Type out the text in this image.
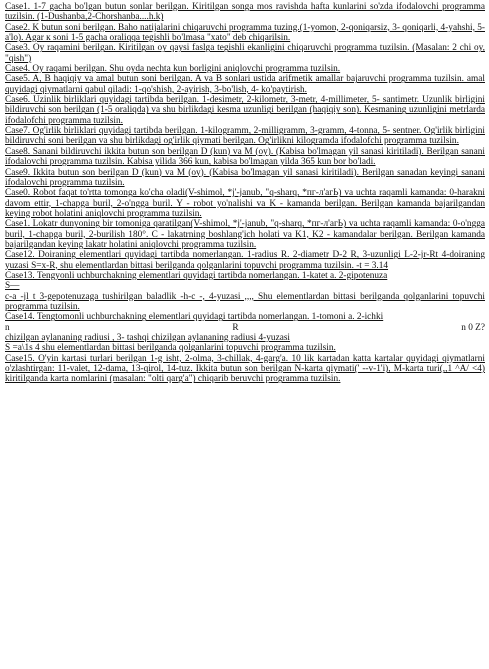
Case1. 1-7 gacha bo'lgan butun sonlar berilgan. Kiritilgan songa mos ravishda hafta kunlarini so'zda ifodalovchi programma tuzilsin. (1-Dushanba,2-Chorshanba....h.k)

Case2. K butun soni berilgan. Baho natijalarini chiqaruvchi programma tuzing.(1-yomon, 2-qoniqarsiz, 3- qoniqarli, 4-yahshi, 5-a'lo). Agar к soni 1-5 gacha oraliqqa tegishli bo'lmasa "xato" deb chiqarilsin.

Case3. Oy raqamini berilgan. Kiritilgan oy qaysi faslga tegishli ekanligini chiqaruvchi programma tuzilsin. (Masalan: 2 chi oy, "qish")

Case4. Oy raqami berilgan. Shu oyda nechta kun borligini aniqlovchi programma tuzilsin.

Case5. A, B haqiqiy va amal butun soni berilgan. A va B sonlari ustida arifmetik amallar bajaruvchi programma tuzilsin. amal quyidagi qiymatlarni qabul qiladi: 1-qo'shish, 2-ayirish, 3-bo'lish, 4- ko'paytirish.

Case6. Uzinlik birliklari quyidagi tartibda berilgan. 1-desimetr, 2-kilometr, 3-metr, 4-millimeter, 5- santimetr. Uzunlik birligini bildiruvchi son berilgan (1-5 oraliqda) va shu birlikdagi kesma uzunligi berilgan (haqiqiy son). Kesmaning uzunligini metrlarda ifodalofchi programma tuzilsin.

Case7. Og'irlik birliklari quyidagi tartibda berilgan. 1-kilogramm, 2-milligramm, 3-gramm, 4-tonna, 5- sentner. Og'irlik birligini bildiruvchi soni berilgan va shu birlikdagi og'irlik qiymati berilgan. Og'irlikni kilogramda ifodalofchi programma tuzilsin.

Case8. Sanani bildiruvchi ikkita butun son berilgan D (kun) va M (oy). (Kabisa bo'lmagan yil sanasi kiritiladi). Berilgan sanani ifodalovchi programma tuzilsin. Kabisa yilida 366 kun, kabisa bo'lmagan yilda 365 kun bor bo'ladi.

Case9. Ikkita butun son berilgan D (kun) va M (oy). (Kabisa bo'lmagan yil sanasi kiritiladi). Berilgan sanadan keyingi sanani ifodalovchi programma tuzilsin.

Case0. Robot faqat to'rtta tomonga ko'cha oladi(V-shimol, *j'-janub, "q-sharq, *пг-л'агЬ) va uchta raqamli kamanda: 0-harakni davom ettir, 1-chapga buril, 2-o'ngga buril. Y - robot yo'nalishi va K - kamanda berilgan. Berilgan kamanda bajarilgandan keying robot holatini aniqlovchi programma tuzilsin.

Case1. Lokatr dunyoning bir tomoniga qaratilgan(V-shimol, *j'-janub, "q-sharq, *пг-л'агЬ) va uchta raqamli kamanda: 0-o'ngga buril, 1-chapga buril, 2-burilish 180°. C - lakatrning boshlang'ich holati va K1, K2 - kamandalar berilgan. Berilgan kamanda bajarilgandan keying lakatr holatini aniqlovchi programma tuzilsin.

Case12. Doiraning elementlari quyidagi tartibda nomerlangan. 1-radius R. 2-diametr D-2 R, 3-uzunligi L-2-jr-Rt 4-doiraning yuzasi S=x-R, shu elementlardan bittasi berilganda qolganlarini topuvchi programma tuzilsin. -t = 3.14

Case13. Tengyonli uchburchakning elementlari quyidagi tartibda nomerlangan. 1-katet a. 2-gipotenuza
S—
c-a -jl t 3-gepotenuzaga tushirilgan baladlik -h-c -, 4-yuzasi ,,,, Shu elementlardan bittasi berilganda qolganlarini topuvchi programma tuzilsin.

Case14. Tengtomonli uchburchakning elementlari quyidagi tartibda nomerlangan. 1-tomoni a. 2-ichki

n	R	n 0 Z?

chizilgan aylananing radiusi , 3- tashqi chizilgan aylananing radiusi 4-yuzasi

S =a\1s 4 shu elementlardan bittasi berilganda qolganlarini topuvchi programma tuzilsin.

Case15. O'yin kartasi turlari berilgan 1-g isht, 2-olma, 3-chillak, 4-garg'a. 10 lik kartadan katta kartalar quyidagi qiymatlarni o'zlashtirgan: 11-valet, 12-dama, 13-qirol, 14-tuz. Ikkita butun son berilgan N-karta qiymati(' --v-1'i), M-karta turi(,,1 ^A/ <4) kiritilganda karta nomlarini (masalan: "olti qarg'a") chiqarib beruvchi programma tuzilsin.
